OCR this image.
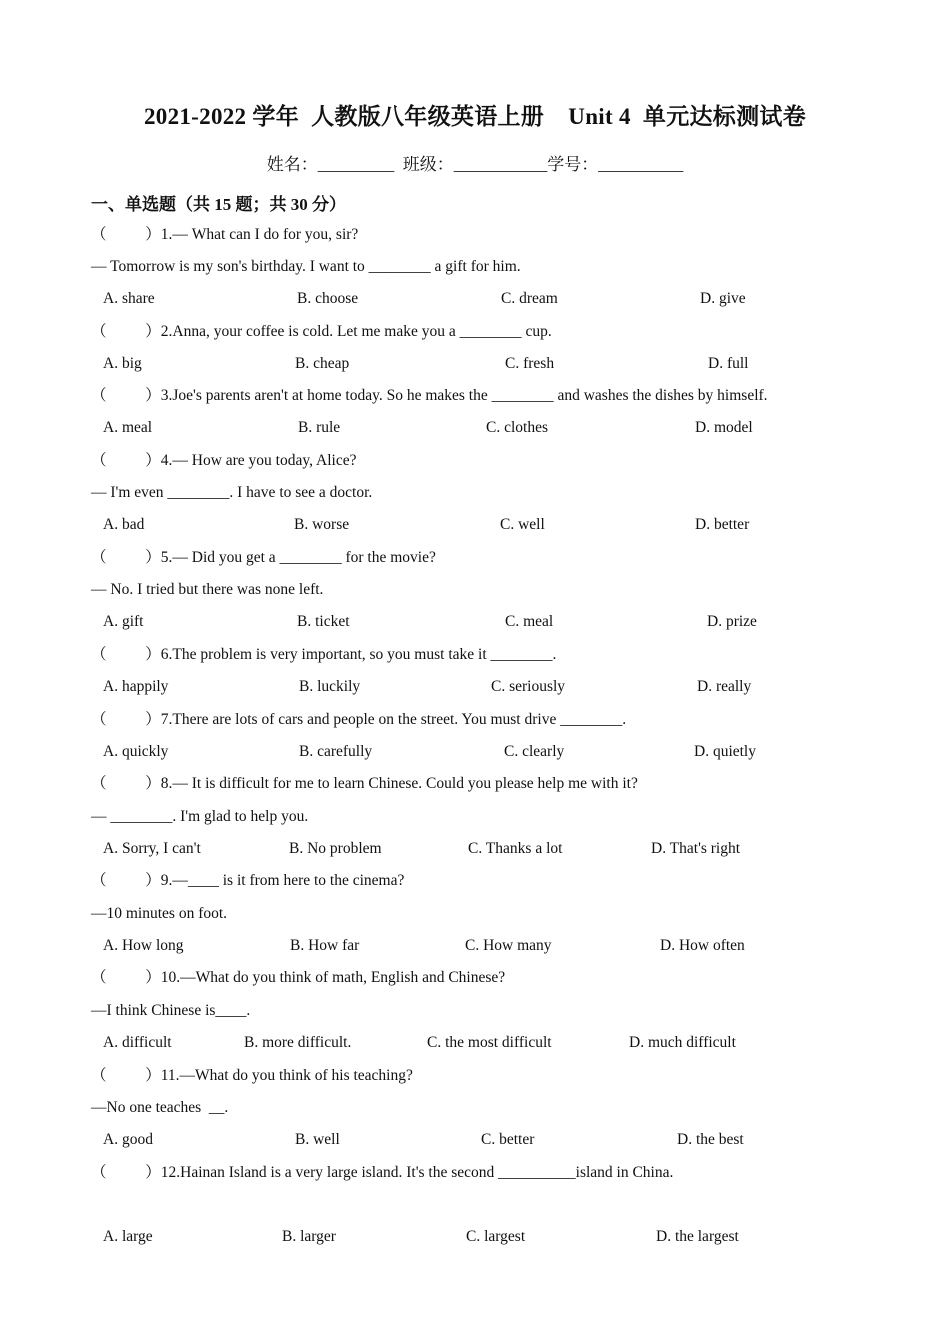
2021-2022 学年  人教版八年级英语上册    Unit 4  单元达标测试卷
姓名：_________  班级：___________学号：__________
一、单选题（共 15 题；共 30 分）
（          ）1.— What can I do for you, sir?
— Tomorrow is my son's birthday. I want to ________ a gift for him.
A. share	B. choose	C. dream	D. give
（          ）2.Anna, your coffee is cold. Let me make you a ________ cup.
A. big	B. cheap	C. fresh	D. full
（          ）3.Joe's parents aren't at home today. So he makes the ________ and washes the dishes by himself.
A. meal	B. rule	C. clothes	D. model
（          ）4.— How are you today, Alice?
— I'm even ________. I have to see a doctor.
A. bad	B. worse	C. well	D. better
（          ）5.— Did you get a ________ for the movie?
— No. I tried but there was none left.
A. gift	B. ticket	C. meal	D. prize
（          ）6.The problem is very important, so you must take it ________.
A. happily	B. luckily	C. seriously	D. really
（          ）7.There are lots of cars and people on the street. You must drive ________.
A. quickly	B. carefully	C. clearly	D. quietly
（          ）8.— It is difficult for me to learn Chinese. Could you please help me with it?
— ________. I'm glad to help you.
A. Sorry, I can't	B. No problem	C. Thanks a lot	D. That's right
（          ）9.—____ is it from here to the cinema?
—10 minutes on foot.
A. How long	B. How far	C. How many	D. How often
（          ）10.—What do you think of math, English and Chinese?
—I think Chinese is____.
A. difficult	B. more difficult.	C. the most difficult	D. much difficult
（          ）11.—What do you think of his teaching?
—No one teaches  __.
A. good	B. well	C. better	D. the best
（          ）12.Hainan Island is a very large island. It's the second __________island in China.
A. large	B. larger	C. largest	D. the largest
